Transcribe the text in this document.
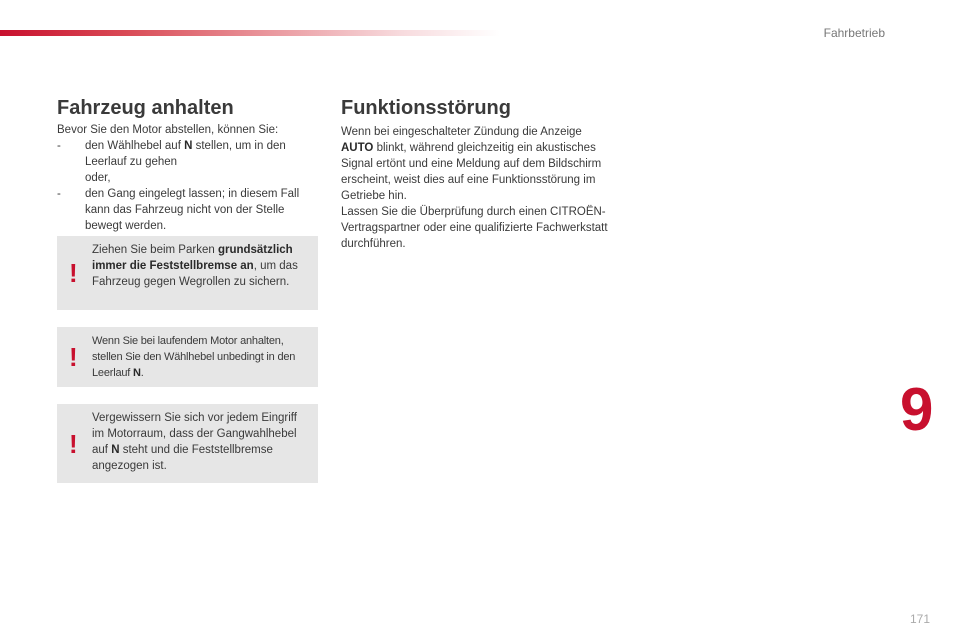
Fahrbetrieb
9
171
Fahrzeug anhalten
Bevor Sie den Motor abstellen, können Sie:
- den Wählhebel auf N stellen, um in den Leerlauf zu gehen
oder,
- den Gang eingelegt lassen; in diesem Fall kann das Fahrzeug nicht von der Stelle bewegt werden.
!
Ziehen Sie beim Parken grundsätzlich immer die Feststellbremse an, um das Fahrzeug gegen Wegrollen zu sichern.
!
Wenn Sie bei laufendem Motor anhalten, stellen Sie den Wählhebel unbedingt in den Leerlauf N.
!
Vergewissern Sie sich vor jedem Eingriff im Motorraum, dass der Gangwahlhebel auf N steht und die Feststellbremse angezogen ist.
Funktionsstörung

Wenn bei eingeschalteter Zündung die Anzeige AUTO blinkt, während gleichzeitig ein akustisches Signal ertönt und eine Meldung auf dem Bildschirm erscheint, weist dies auf eine Funktionsstörung im Getriebe hin.

Lassen Sie die Überprüfung durch einen CITROËN-Vertragspartner oder eine qualifizierte Fachwerkstatt durchführen.
